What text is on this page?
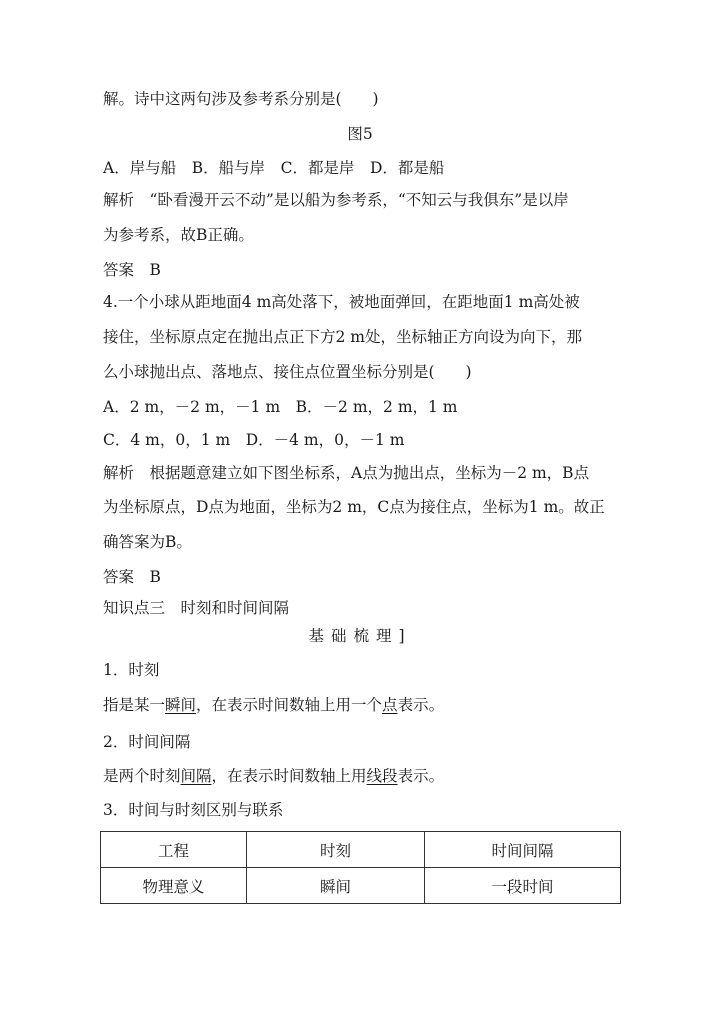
解。诗中这两句涉及参考系分别是(　　)
图5
A．岸与船　B．船与岸　C．都是岸　D．都是船
解析　“卧看漫开云不动”是以船为参考系，“不知云与我俱东”是以岸
为参考系，故B正确。
答案　B
4.一个小球从距地面4 m高处落下，被地面弹回，在距地面1 m高处被
接住，坐标原点定在抛出点正下方2 m处，坐标轴正方向设为向下，那
么小球抛出点、落地点、接住点位置坐标分别是(　　)
A．2 m，－2 m，－1 m　B．－2 m，2 m，1 m
C．4 m，0，1 m　D．－4 m，0，－1 m
解析　根据题意建立如下图坐标系，A点为抛出点，坐标为－2 m，B点
为坐标原点，D点为地面，坐标为2 m，C点为接住点，坐标为1 m。故正
确答案为B。
答案　B
知识点三　时刻和时间间隔
基础梳理]
1．时刻
指是某一瞬间，在表示时间数轴上用一个点表示。
2．时间间隔
是两个时刻间隔，在表示时间数轴上用线段表示。
3．时间与时刻区别与联系
工程	时刻	时间间隔
物理意义	瞬间	一段时间
